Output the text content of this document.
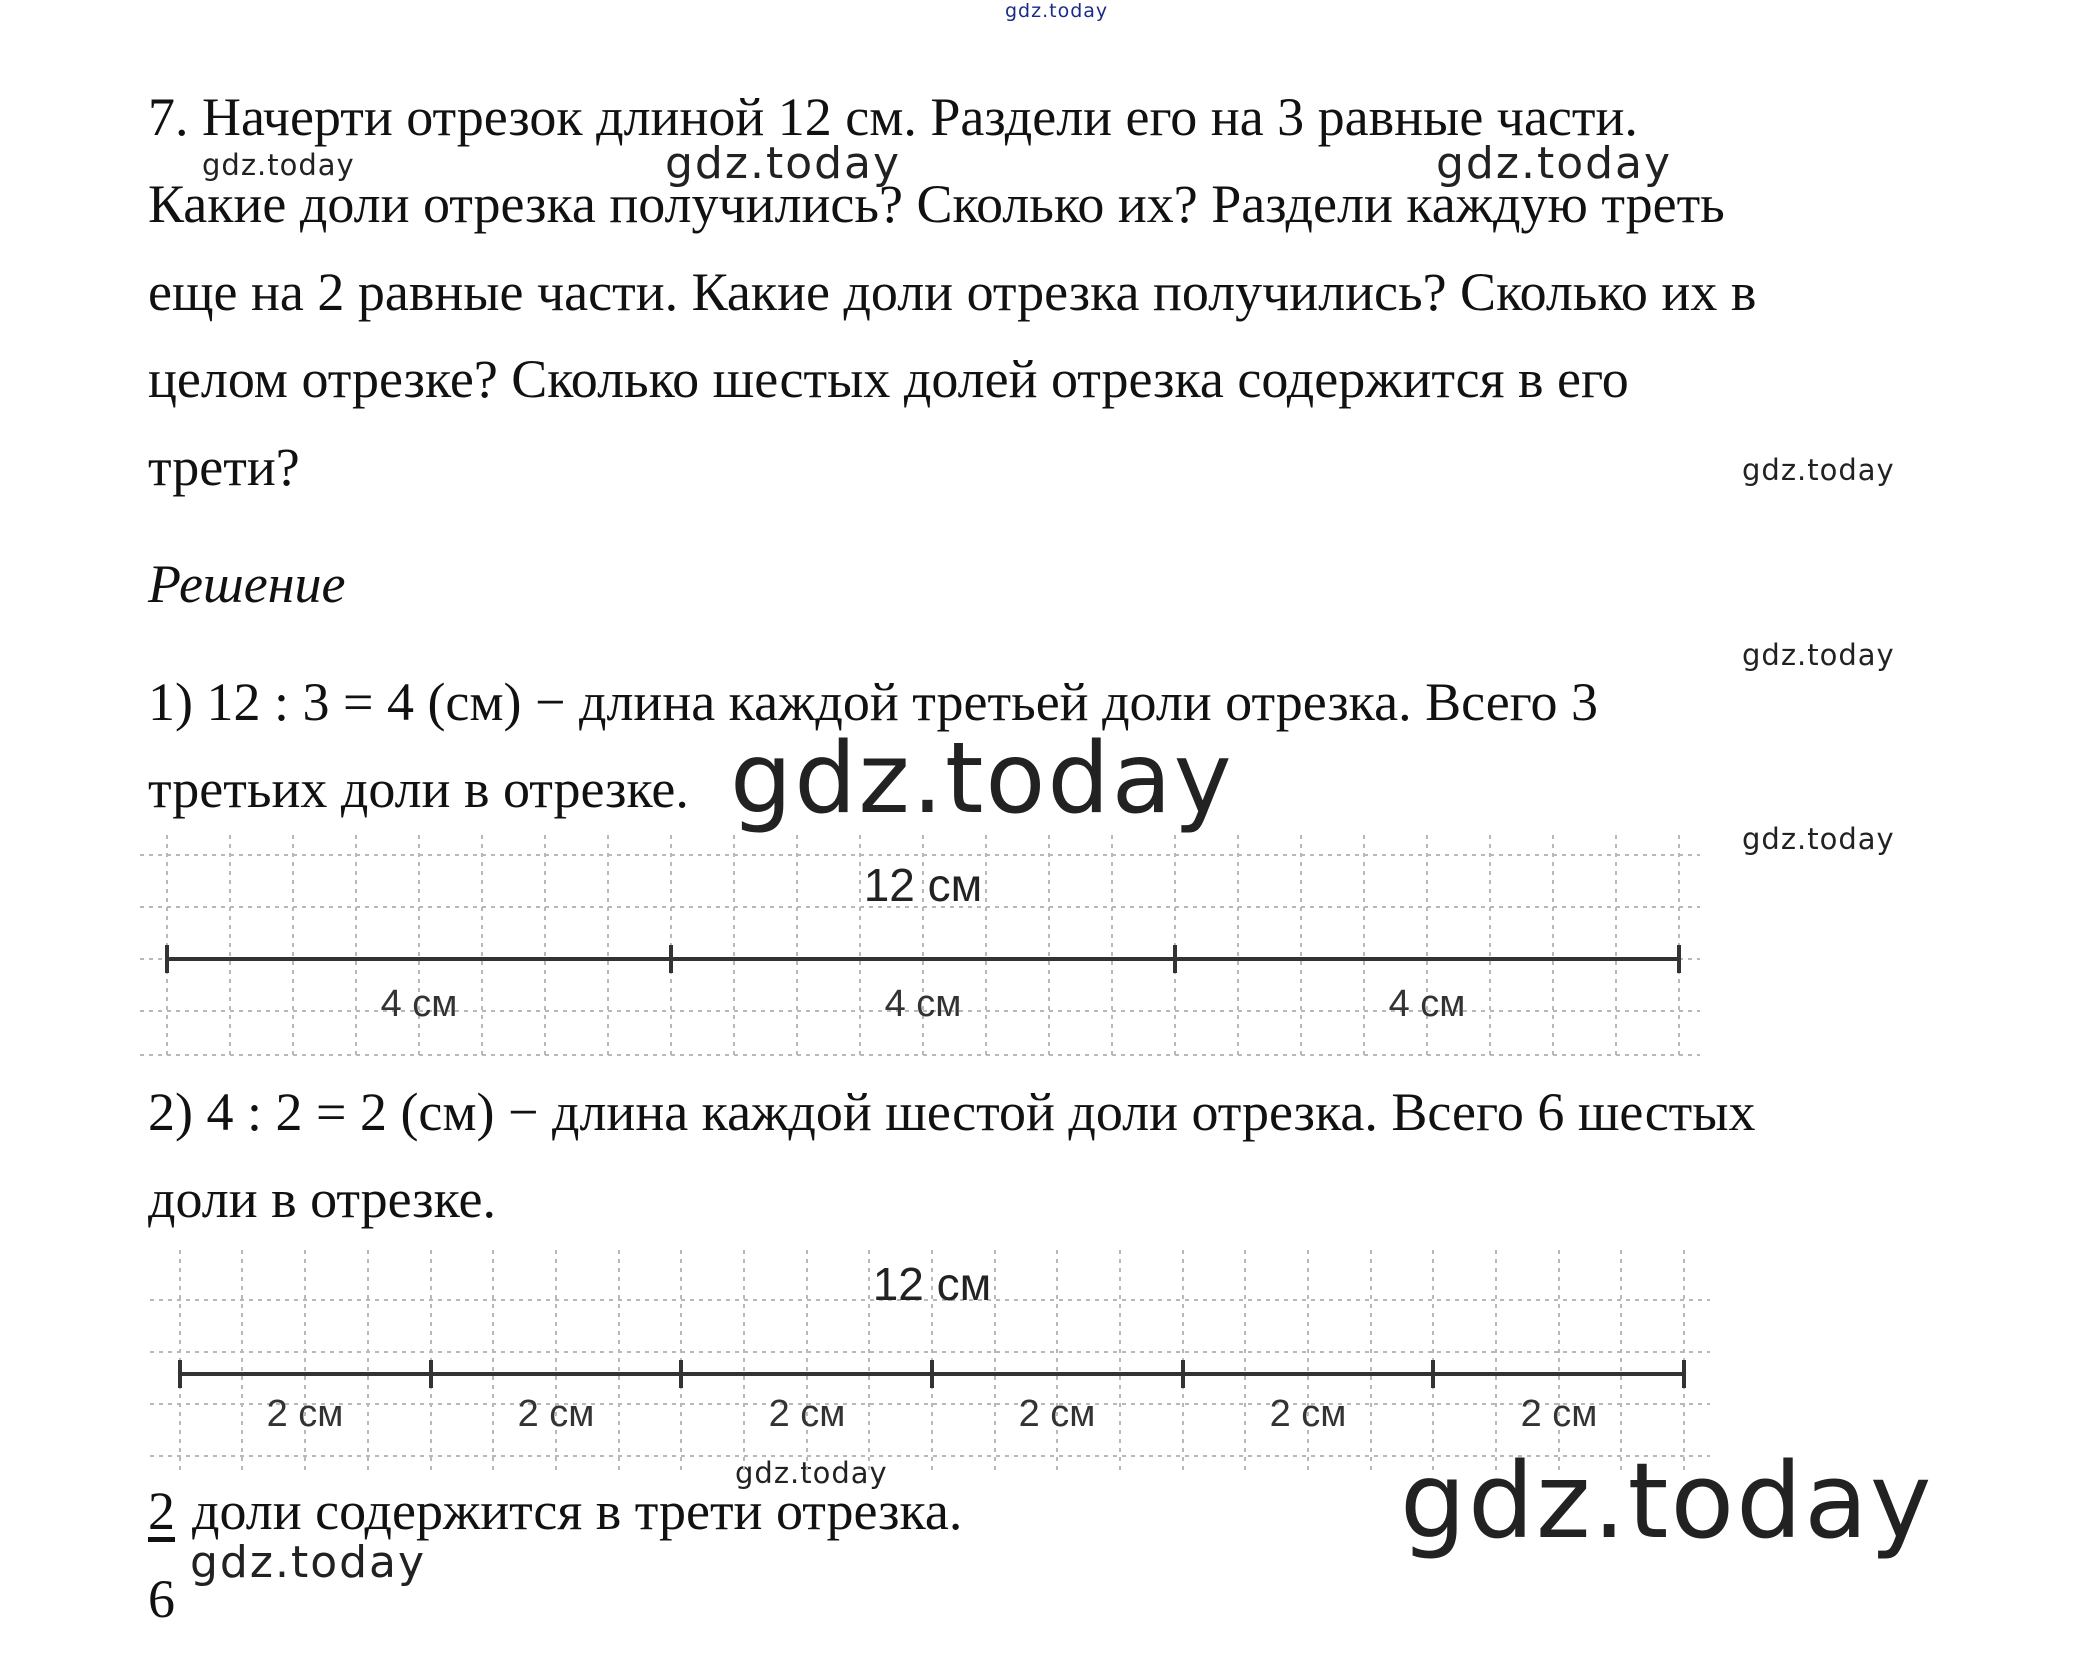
gdz.today
gdz.today	gdz.today	gdz.today
gdz.today
gdz.today
gdz.today
gdz.today
gdz.today	gdz.today
gdz.today
7. Начерти отрезок длиной 12 см. Раздели его на 3 равные части.
Какие доли отрезка получились? Сколько их? Раздели каждую треть
еще на 2 равные части. Какие доли отрезка получились? Сколько их в
целом отрезке? Сколько шестых долей отрезка содержится в его
трети?
Решение
1) 12 : 3 = 4 (см) − длина каждой третьей доли отрезка. Всего 3
третьих доли в отрезке.
12 см
4 см	4 см	4 см
2) 4 : 2 = 2 (см) − длина каждой шестой доли отрезка. Всего 6 шестых
доли в отрезке.
12 см
2 см	2 см	2 см	2 см	2 см	2 см
2
6
доли содержится в трети отрезка.
